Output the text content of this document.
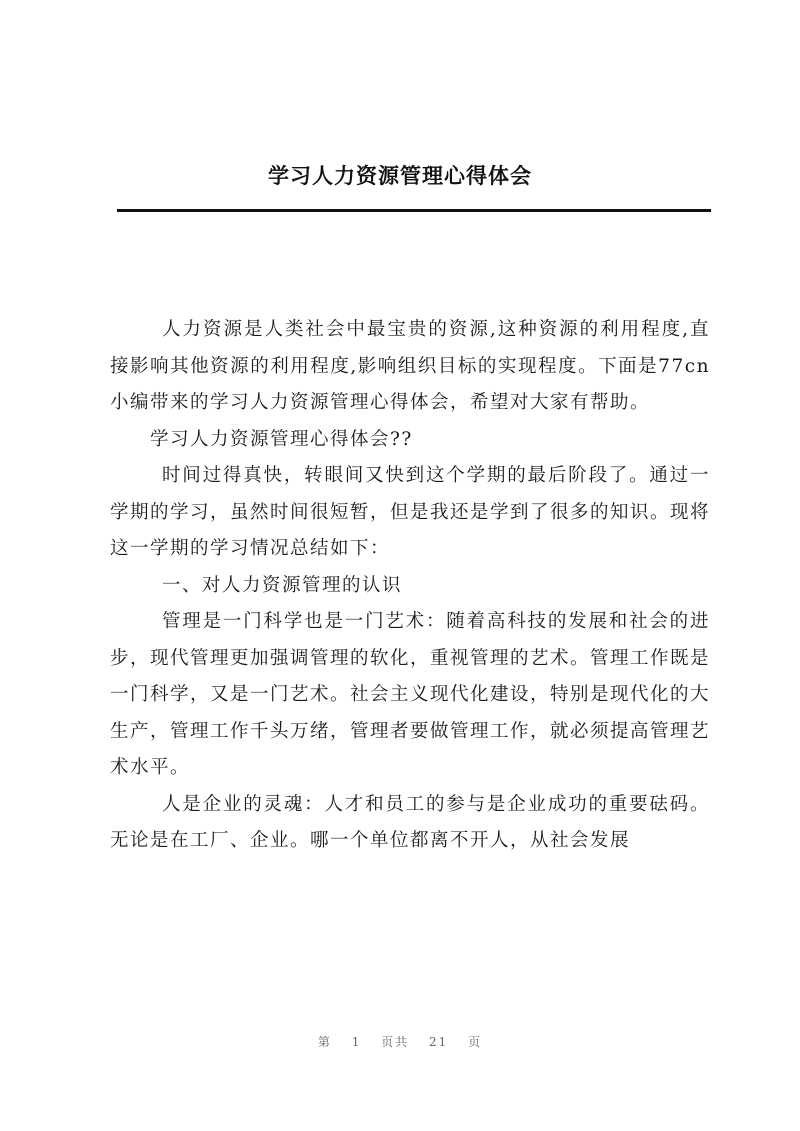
学习人力资源管理心得体会

人力资源是人类社会中最宝贵的资源,这种资源的利用程度,直接影响其他资源的利用程度,影响组织目标的实现程度。下面是77cn小编带来的学习人力资源管理心得体会，希望对大家有帮助。

学习人力资源管理心得体会??

时间过得真快，转眼间又快到这个学期的最后阶段了。通过一学期的学习，虽然时间很短暂，但是我还是学到了很多的知识。现将这一学期的学习情况总结如下：

一、对人力资源管理的认识

管理是一门科学也是一门艺术：随着高科技的发展和社会的进步，现代管理更加强调管理的软化，重视管理的艺术。管理工作既是一门科学，又是一门艺术。社会主义现代化建设，特别是现代化的大生产，管理工作千头万绪，管理者要做管理工作，就必须提高管理艺术水平。

人是企业的灵魂：人才和员工的参与是企业成功的重要砝码。无论是在工厂、企业。哪一个单位都离不开人，从社会发展

第 1 页共 21 页
